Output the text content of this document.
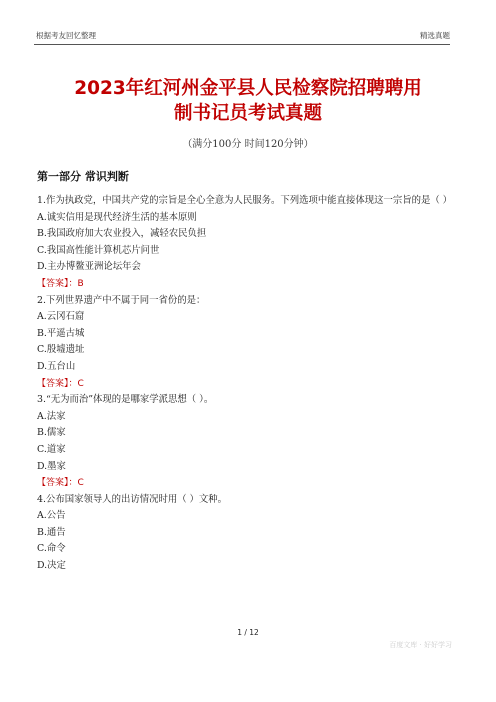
根据考友回忆整理	精选真题
2023年红河州金平县人民检察院招聘聘用
制书记员考试真题
（满分100分 时间120分钟）
第一部分 常识判断
1.作为执政党，中国共产党的宗旨是全心全意为人民服务。下列选项中能直接体现这一宗旨的是（ ）
A.诚实信用是现代经济生活的基本原则
B.我国政府加大农业投入，减轻农民负担
C.我国高性能计算机芯片问世
D.主办博鳌亚洲论坛年会
【答案】：B
2.下列世界遗产中不属于同一省份的是：
A.云冈石窟
B.平遥古城
C.殷墟遗址
D.五台山
【答案】：C
3.“无为而治”体现的是哪家学派思想（ ）。
A.法家
B.儒家
C.道家
D.墨家
【答案】：C
4.公布国家领导人的出访情况时用（ ）文种。
A.公告
B.通告
C.命令
D.决定
1 / 12
百度文库 · 好好学习
